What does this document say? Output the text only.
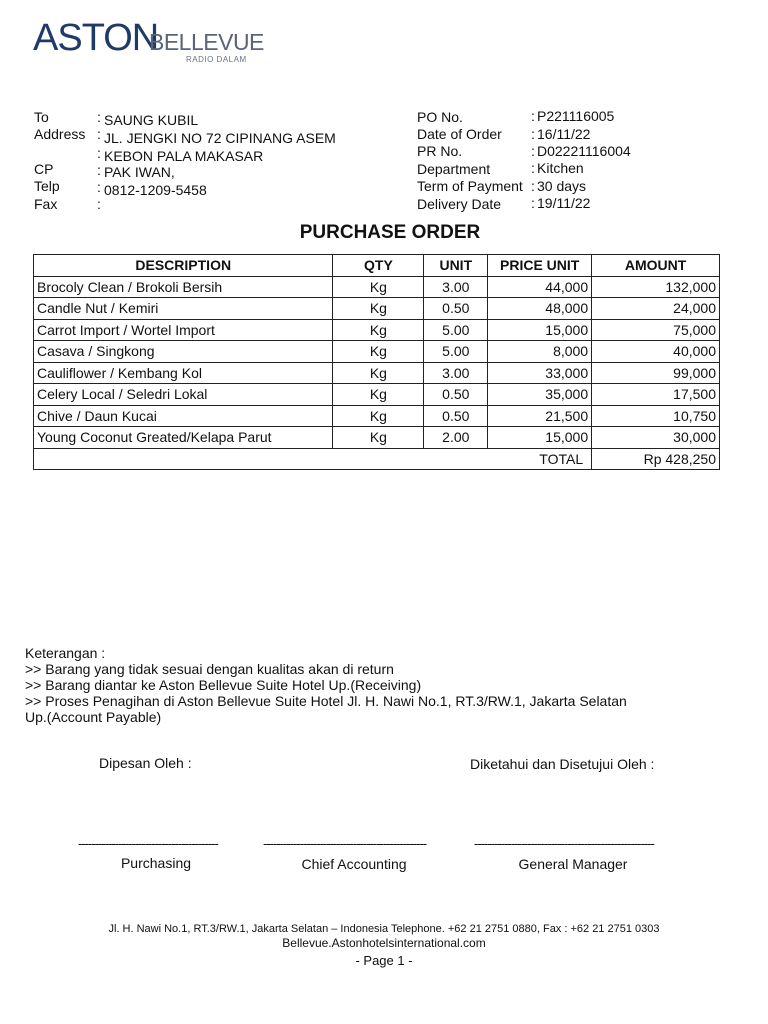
ASTON
BELLEVUE
RADIO DALAM
To	: SAUNG KUBIL
Address : JL. JENGKI NO 72 CIPINANG ASEM
: KEBON PALA MAKASAR
CP	: PAK IWAN,
Telp	: 0812-1209-5458
Fax	:
PO No.	: P221116005
Date of Order : 16/11/22
PR No.	: D02221116004
Department	: Kitchen
Term of Payment : 30 days
Delivery Date : 19/11/22
PURCHASE ORDER
DESCRIPTION	QTY	UNIT	PRICE UNIT	AMOUNT
Brocoly Clean / Brokoli Bersih	Kg	3.00	44,000	132,000
Candle Nut / Kemiri	Kg	0.50	48,000	24,000
Carrot Import / Wortel Import	Kg	5.00	15,000	75,000
Casava / Singkong	Kg	5.00	8,000	40,000
Cauliflower / Kembang Kol	Kg	3.00	33,000	99,000
Celery Local / Seledri Lokal	Kg	0.50	35,000	17,500
Chive / Daun Kucai	Kg	0.50	21,500	10,750
Young Coconut Greated/Kelapa Parut	Kg	2.00	15,000	30,000
TOTAL				Rp 428,250
Keterangan :
>> Barang yang tidak sesuai dengan kualitas akan di return
>> Barang diantar ke Aston Bellevue Suite Hotel Up.(Receiving)
>> Proses Penagihan di Aston Bellevue Suite Hotel Jl. H. Nawi No.1, RT.3/RW.1, Jakarta Selatan
Up.(Account Payable)
Dipesan Oleh :	Diketahui dan Disetujui Oleh :
------------------------------------------	-------------------------------------------------	------------------------------------------------------
Purchasing	Chief Accounting	General Manager
Jl. H. Nawi No.1, RT.3/RW.1, Jakarta Selatan – Indonesia Telephone. +62 21 2751 0880, Fax : +62 21 2751 0303
Bellevue.Astonhotelsinternational.com
- Page 1 -
